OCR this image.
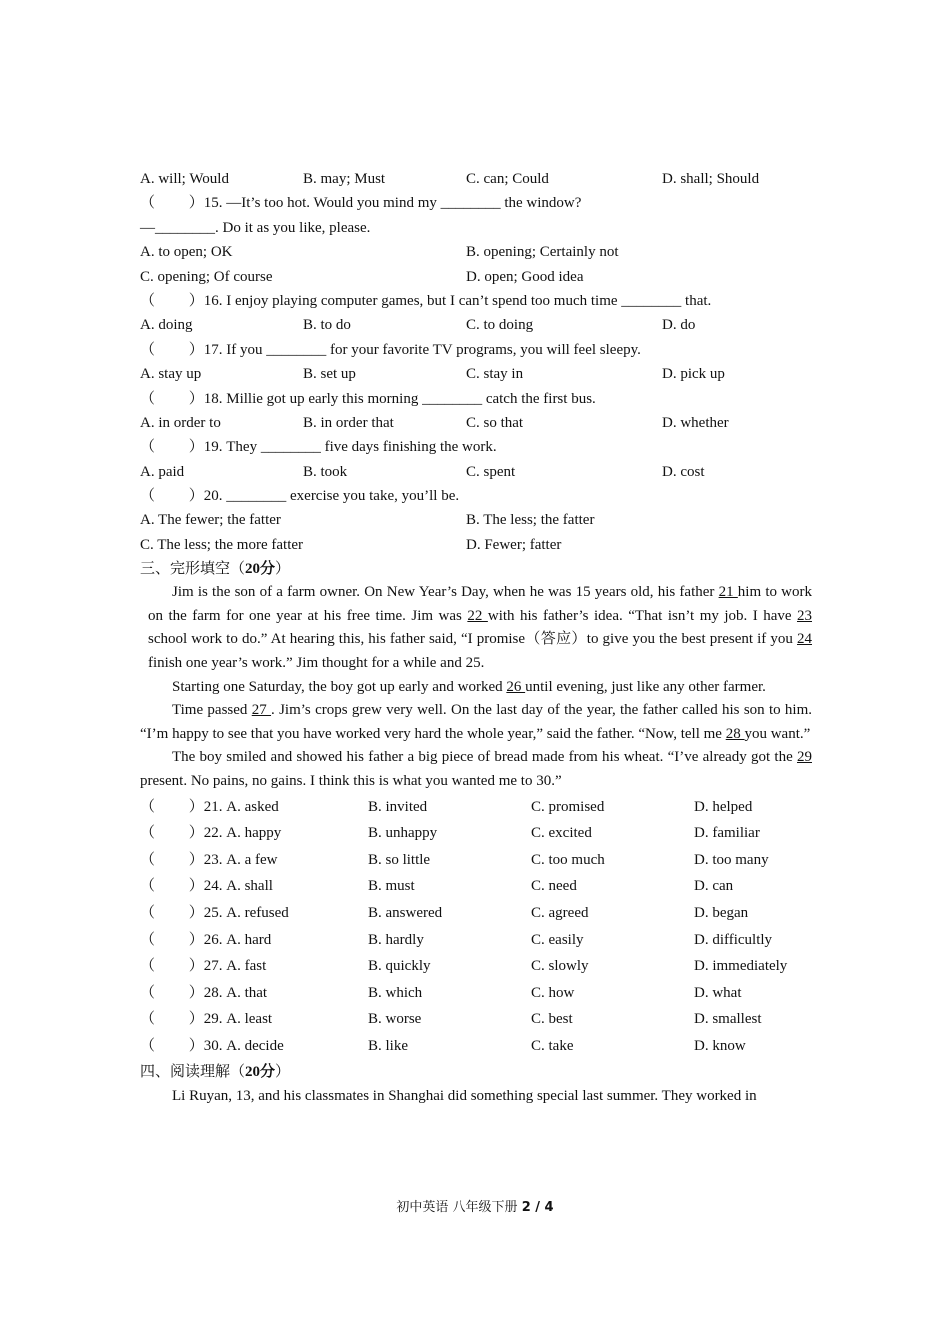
A. will; Would	B. may; Must	C. can; Could	D. shall; Should
（ 　　）15. —It’s too hot. Would you mind my ________ the window?
—________. Do it as you like, please.
A. to open; OK	B. opening; Certainly not
C. opening; Of course	D. open; Good idea
（ 　　）16. I enjoy playing computer games, but I can’t spend too much time ________ that.
A. doing	B. to do	C. to doing	D. do
（ 　　）17. If you ________ for your favorite TV programs, you will feel sleepy.
A. stay up	B. set up	C. stay in	D. pick up
（ 　　）18. Millie got up early this morning ________ catch the first bus.
A. in order to	B. in order that	C. so that	D. whether
（ 　　）19. They ________ five days finishing the work.
A. paid	B. took	C. spent	D. cost
（ 　　）20. ________ exercise you take, you’ll be.
A. The fewer; the fatter	B. The less; the fatter
C. The less; the more fatter	D. Fewer; fatter
三、完形填空（20分）
Jim is the son of a farm owner. On New Year’s Day, when he was 15 years old, his father 21 him to work on the farm for one year at his free time. Jim was 22 with his father’s idea. “That isn’t my job. I have 23 school work to do.” At hearing this, his father said, “I promise（答应）to give you the best present if you 24 finish one year’s work.” Jim thought for a while and 25.
Starting one Saturday, the boy got up early and worked 26 until evening, just like any other farmer.
Time passed 27 . Jim’s crops grew very well. On the last day of the year, the father called his son to him. “I’m happy to see that you have worked very hard the whole year,” said the father. “Now, tell me 28 you want.”
The boy smiled and showed his father a big piece of bread made from his wheat. “I’ve already got the 29 present. No pains, no gains. I think this is what you wanted me to 30.”
（ 　　）21. A. asked	B. invited	C. promised	D. helped
（ 　　）22. A. happy	B. unhappy	C. excited	D. familiar
（ 　　）23. A. a few	B. so little	C. too much	D. too many
（ 　　）24. A. shall	B. must	C. need	D. can
（ 　　）25. A. refused	B. answered	C. agreed	D. began
（ 　　）26. A. hard	B. hardly	C. easily	D. difficultly
（ 　　）27. A. fast	B. quickly	C. slowly	D. immediately
（ 　　）28. A. that	B. which	C. how	D. what
（ 　　）29. A. least	B. worse	C. best	D. smallest
（ 　　）30. A. decide	B. like	C. take	D. know
四、阅读理解（20分）
Li Ruyan, 13, and his classmates in Shanghai did something special last summer. They worked in
初中英语 八年级下册 2 / 4
